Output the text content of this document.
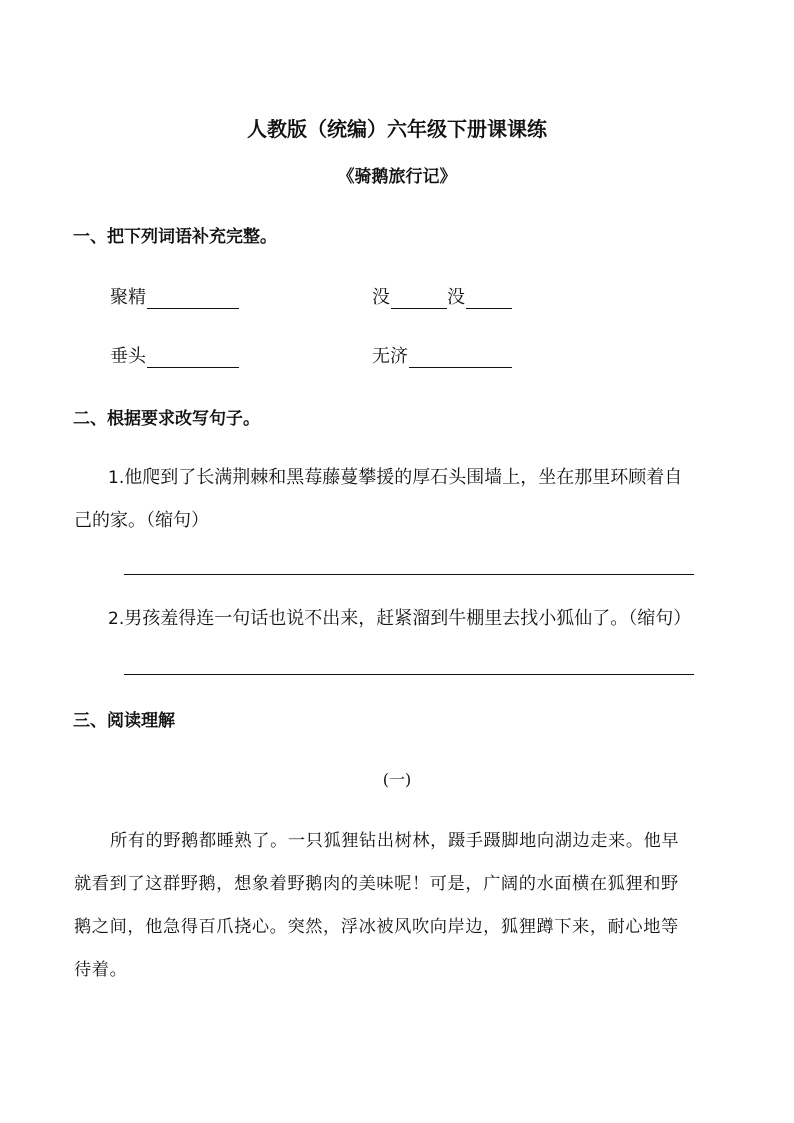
人教版（统编）六年级下册课课练
《骑鹅旅行记》
一、把下列词语补充完整。
聚精	没	没
垂头	无济
二、根据要求改写句子。
1.他爬到了长满荆棘和黑莓藤蔓攀援的厚石头围墙上，坐在那里环顾着自
己的家。（缩句）
2.男孩羞得连一句话也说不出来，赶紧溜到牛棚里去找小狐仙了。（缩句）
三、阅读理解
(一)
所有的野鹅都睡熟了。一只狐狸钻出树林，蹑手蹑脚地向湖边走来。他早
就看到了这群野鹅，想象着野鹅肉的美味呢！可是，广阔的水面横在狐狸和野
鹅之间，他急得百爪挠心。突然，浮冰被风吹向岸边，狐狸蹲下来，耐心地等
待着。
